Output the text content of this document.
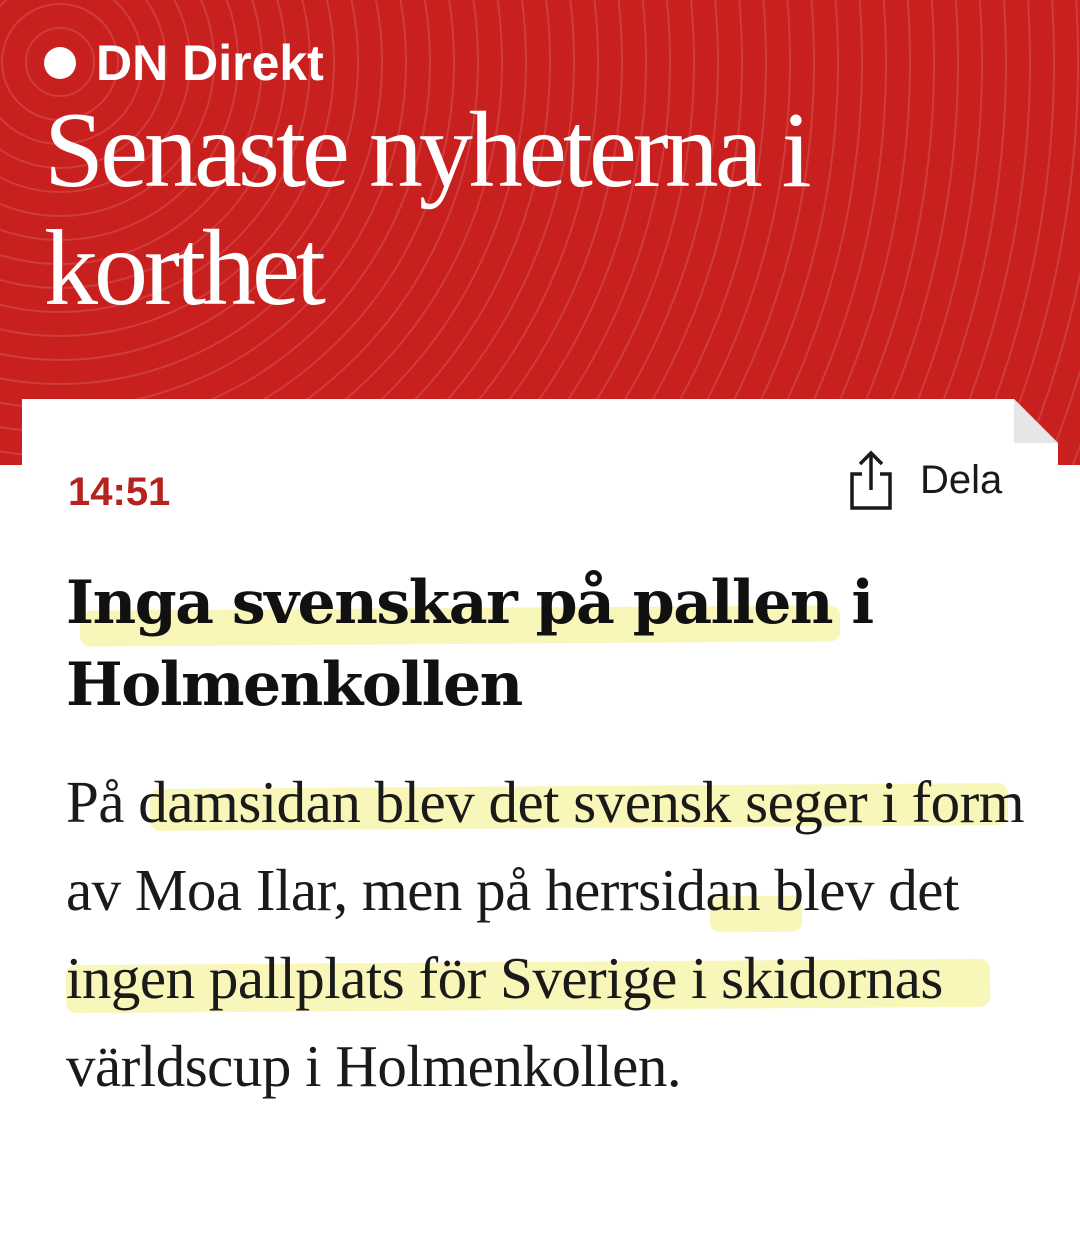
DN Direkt
Senaste nyheterna i korthet
14:51	Dela
Inga svenskar på pallen i Holmenkollen

På damsidan blev det svensk seger i form av Moa Ilar, men på herrsidan blev det ingen pallplats för Sverige i skidornas världscup i Holmenkollen.
